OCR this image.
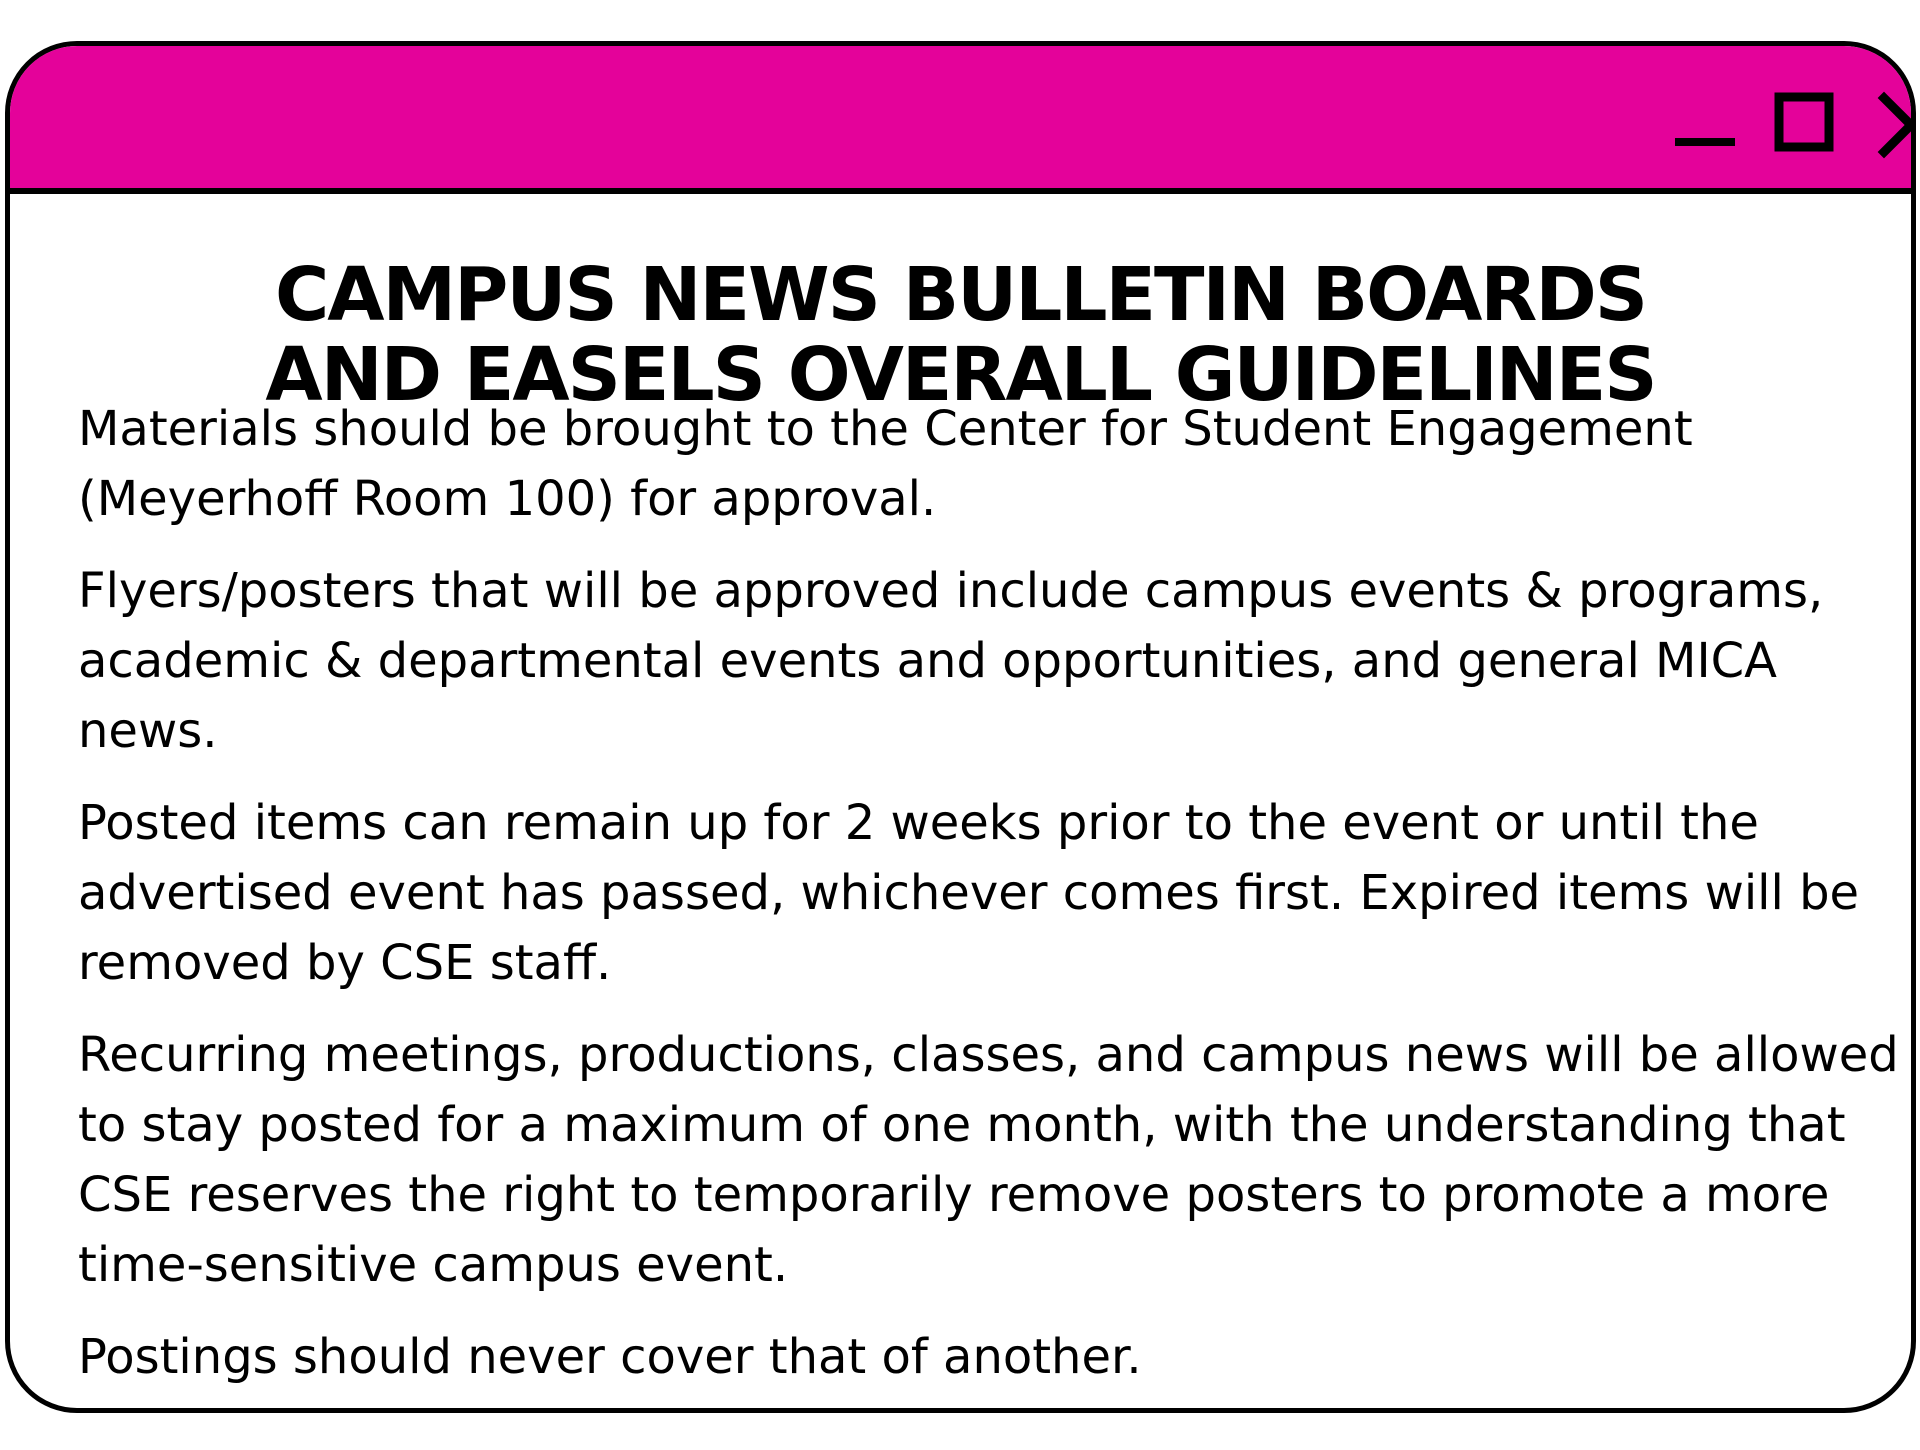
CAMPUS NEWS BULLETIN BOARDS
AND EASELS OVERALL GUIDELINES

Materials should be brought to the Center for Student Engagement (Meyerhoff Room 100) for approval.

Flyers/posters that will be approved include campus events & programs, academic & departmental events and opportunities, and general MICA news.

Posted items can remain up for 2 weeks prior to the event or until the advertised event has passed, whichever comes first. Expired items will be removed by CSE staff.

Recurring meetings, productions, classes, and campus news will be allowed to stay posted for a maximum of one month, with the understanding that CSE reserves the right to temporarily remove posters to promote a more time-sensitive campus event.

Postings should never cover that of another.
